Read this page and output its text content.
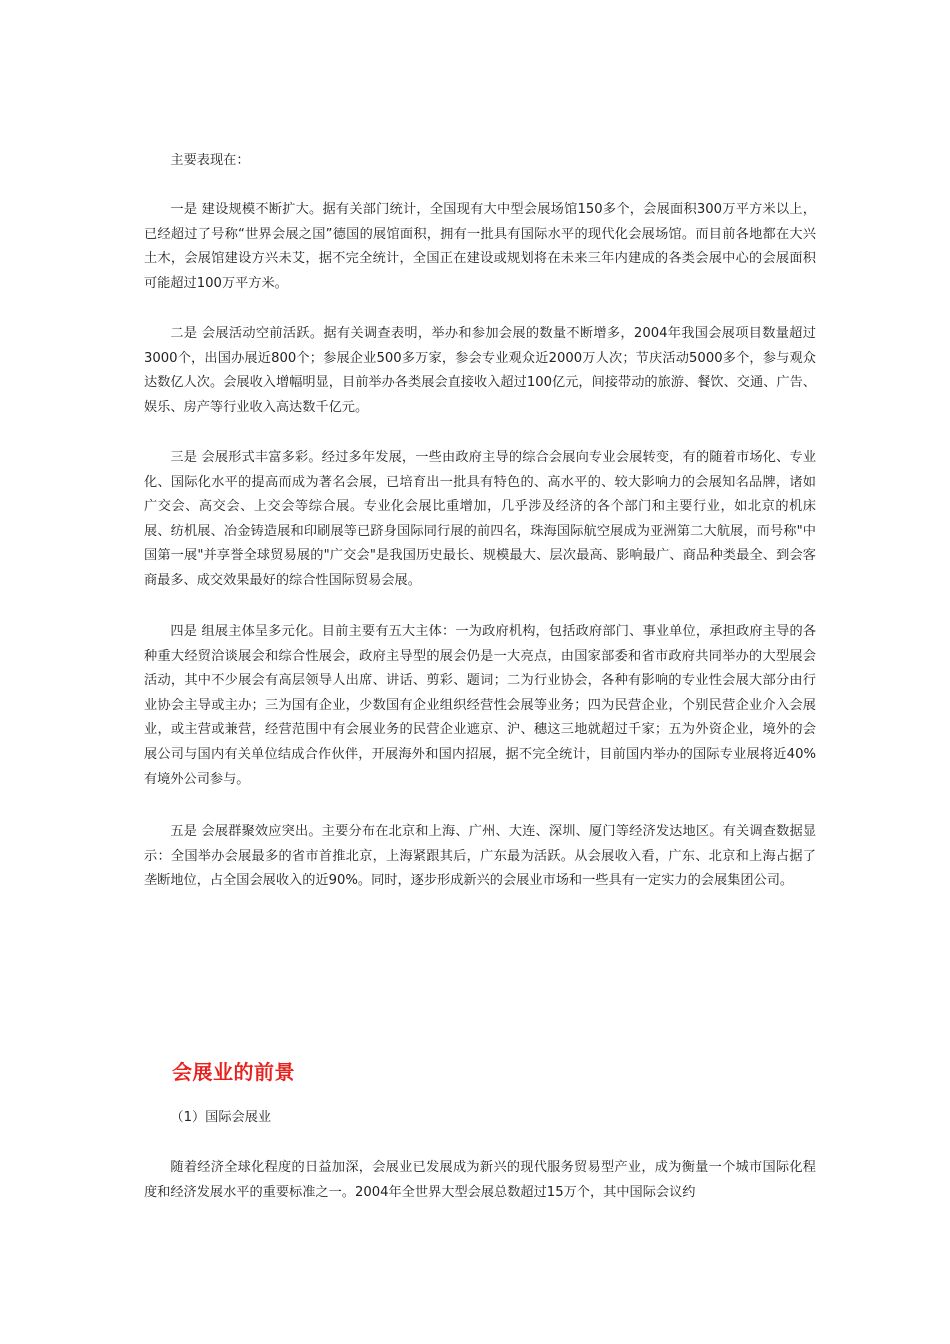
主要表现在：

一是 建设规模不断扩大。据有关部门统计，全国现有大中型会展场馆150多个，会展面积300万平方米以上，已经超过了号称“世界会展之国”德国的展馆面积，拥有一批具有国际水平的现代化会展场馆。而目前各地都在大兴土木，会展馆建设方兴未艾，据不完全统计，全国正在建设或规划将在未来三年内建成的各类会展中心的会展面积可能超过100万平方米。

二是 会展活动空前活跃。据有关调查表明，举办和参加会展的数量不断增多，2004年我国会展项目数量超过 3000个，出国办展近800个；参展企业500多万家，参会专业观众近2000万人次；节庆活动5000多个，参与观众达数亿人次。会展收入增幅明显，目前举办各类展会直接收入超过100亿元，间接带动的旅游、餐饮、交通、广告、娱乐、房产等行业收入高达数千亿元。

三是 会展形式丰富多彩。经过多年发展，一些由政府主导的综合会展向专业会展转变，有的随着市场化、专业化、国际化水平的提高而成为著名会展，已培育出一批具有特色的、高水平的、较大影响力的会展知名品牌，诸如广交会、高交会、上交会等综合展。专业化会展比重增加，几乎涉及经济的各个部门和主要行业，如北京的机床展、纺机展、冶金铸造展和印刷展等已跻身国际同行展的前四名，珠海国际航空展成为亚洲第二大航展，而号称"中国第一展"并享誉全球贸易展的"广交会"是我国历史最长、规模最大、层次最高、影响最广、商品种类最全、到会客商最多、成交效果最好的综合性国际贸易会展。

四是 组展主体呈多元化。目前主要有五大主体：一为政府机构，包括政府部门、事业单位，承担政府主导的各种重大经贸洽谈展会和综合性展会，政府主导型的展会仍是一大亮点，由国家部委和省市政府共同举办的大型展会活动，其中不少展会有高层领导人出席、讲话、剪彩、题词；二为行业协会，各种有影响的专业性会展大部分由行业协会主导或主办；三为国有企业，少数国有企业组织经营性会展等业务；四为民营企业，个别民营企业介入会展业，或主营或兼营，经营范围中有会展业务的民营企业遮京、沪、穗这三地就超过千家；五为外资企业，境外的会展公司与国内有关单位结成合作伙伴，开展海外和国内招展，据不完全统计，目前国内举办的国际专业展将近40%有境外公司参与。

五是 会展群聚效应突出。主要分布在北京和上海、广州、大连、深圳、厦门等经济发达地区。有关调查数据显示：全国举办会展最多的省市首推北京，上海紧跟其后，广东最为活跃。从会展收入看，广东、北京和上海占据了垄断地位，占全国会展收入的近90%。同时，逐步形成新兴的会展业市场和一些具有一定实力的会展集团公司。

会展业的前景

（1）国际会展业

随着经济全球化程度的日益加深，会展业已发展成为新兴的现代服务贸易型产业，成为衡量一个城市国际化程度和经济发展水平的重要标准之一。2004年全世界大型会展总数超过15万个，其中国际会议约
